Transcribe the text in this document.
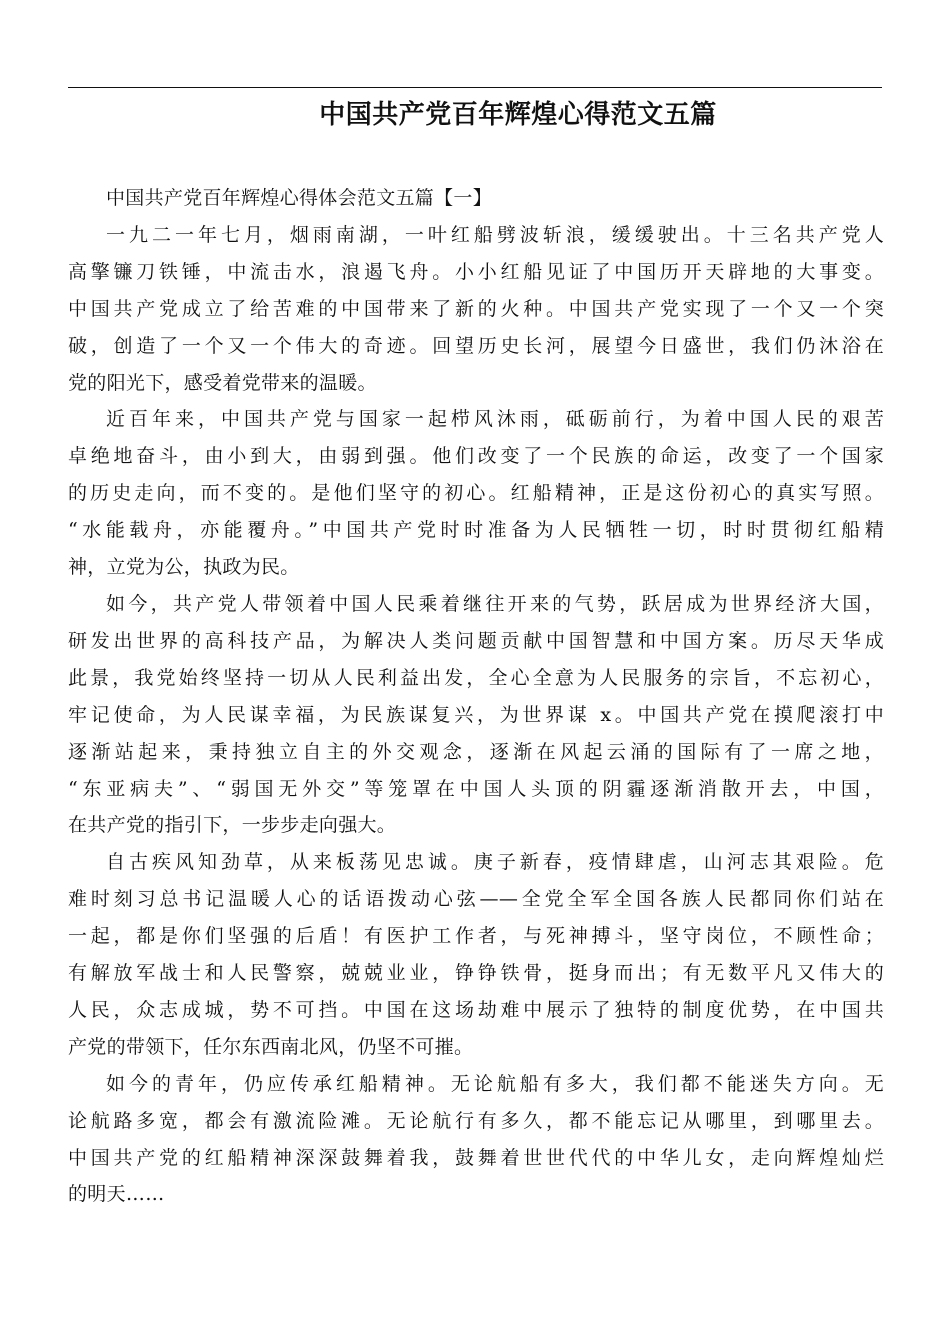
中国共产党百年辉煌心得范文五篇

中国共产党百年辉煌心得体会范文五篇【一】

一九二一年七月，烟雨南湖，一叶红船劈波斩浪，缓缓驶出。十三名共产党人
高擎镰刀铁锤，中流击水，浪遏飞舟。小小红船见证了中国历开天辟地的大事变。
中国共产党成立了给苦难的中国带来了新的火种。中国共产党实现了一个又一个突
破，创造了一个又一个伟大的奇迹。回望历史长河，展望今日盛世，我们仍沐浴在
党的阳光下，感受着党带来的温暖。

近百年来，中国共产党与国家一起栉风沐雨，砥砺前行，为着中国人民的艰苦
卓绝地奋斗，由小到大，由弱到强。他们改变了一个民族的命运，改变了一个国家
的历史走向，而不变的。是他们坚守的初心。红船精神，正是这份初心的真实写照。
“水能载舟，亦能覆舟。”中国共产党时时准备为人民牺牲一切，时时贯彻红船精
神，立党为公，执政为民。

如今，共产党人带领着中国人民乘着继往开来的气势，跃居成为世界经济大国，
研发出世界的高科技产品，为解决人类问题贡献中国智慧和中国方案。历尽天华成
此景，我党始终坚持一切从人民利益出发，全心全意为人民服务的宗旨，不忘初心，
牢记使命，为人民谋幸福，为民族谋复兴，为世界谋 x。中国共产党在摸爬滚打中
逐渐站起来，秉持独立自主的外交观念，逐渐在风起云涌的国际有了一席之地，
“东亚病夫”、“弱国无外交”等笼罩在中国人头顶的阴霾逐渐消散开去，中国，
在共产党的指引下，一步步走向强大。

自古疾风知劲草，从来板荡见忠诚。庚子新春，疫情肆虐，山河志其艰险。危
难时刻习总书记温暖人心的话语拨动心弦——全党全军全国各族人民都同你们站在
一起，都是你们坚强的后盾！有医护工作者，与死神搏斗，坚守岗位，不顾性命；
有解放军战士和人民警察，兢兢业业，铮铮铁骨，挺身而出；有无数平凡又伟大的
人民，众志成城，势不可挡。中国在这场劫难中展示了独特的制度优势，在中国共
产党的带领下，任尔东西南北风，仍坚不可摧。

如今的青年，仍应传承红船精神。无论航船有多大，我们都不能迷失方向。无
论航路多宽，都会有激流险滩。无论航行有多久，都不能忘记从哪里，到哪里去。
中国共产党的红船精神深深鼓舞着我，鼓舞着世世代代的中华儿女，走向辉煌灿烂
的明天……
